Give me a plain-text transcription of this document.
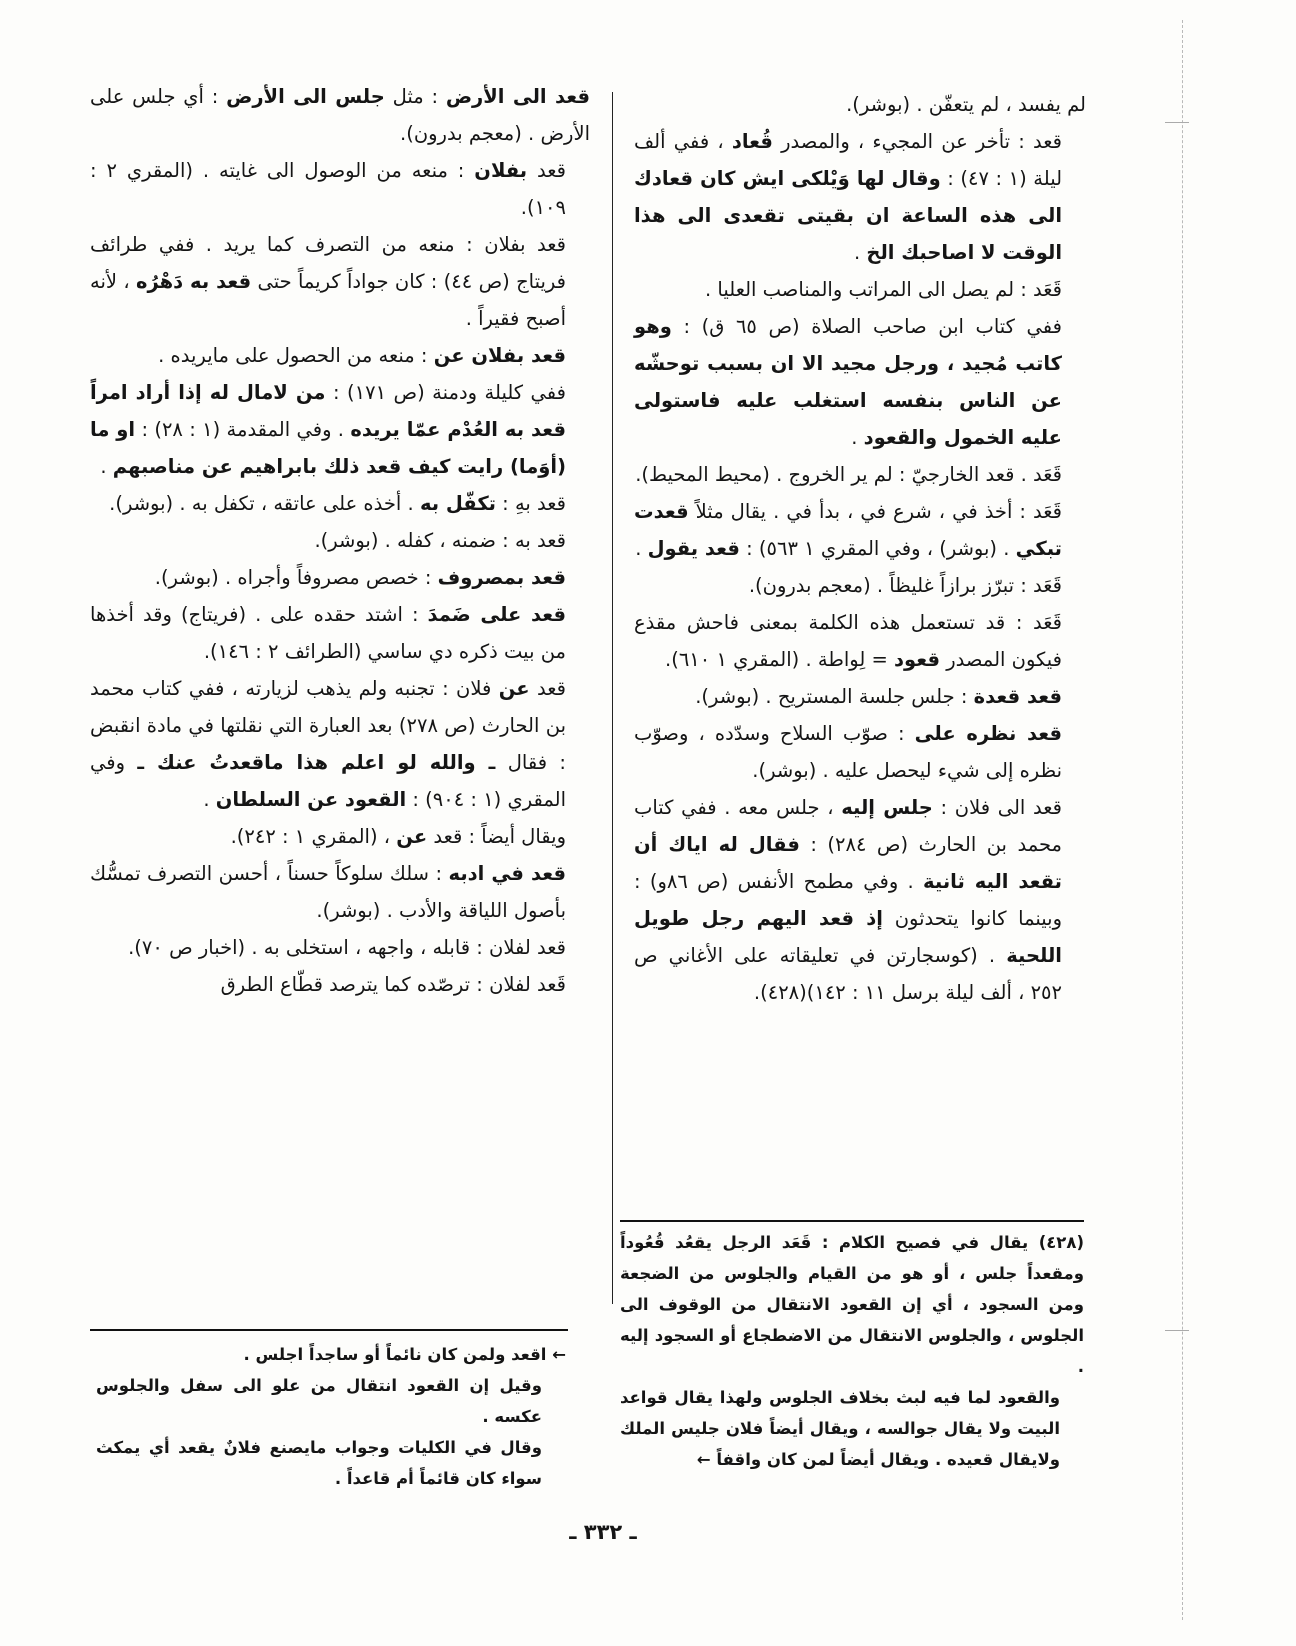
لم يفسد ، لم يتعفّن . (بوشر).

قعد : تأخر عن المجيء ، والمصدر قُعاد ، ففي ألف ليلة (١ : ٤٧) : وقال لها وَيْلكى ايش كان قعادك الى هذه الساعة ان بقيتى تقعدى الى هذا الوقت لا اصاحبك الخ .

قَعَد : لم يصل الى المراتب والمناصب العليا .

ففي كتاب ابن صاحب الصلاة (ص ٦٥ ق) : وهو كاتب مُجيد ، ورجل مجيد الا ان بسبب توحشّه عن الناس بنفسه استغلب عليه فاستولى عليه الخمول والقعود .

قَعَد . قعد الخارجيّ : لم ير الخروج . (محيط المحيط).

قَعَد : أخذ في ، شرع في ، بدأ في . يقال مثلاً قعدت تبكي . (بوشر) ، وفي المقري ١ ٥٦٣) : قعد يقول .

قَعَد : تبرّز برازاً غليظاً . (معجم بدرون).

قَعَد : قد تستعمل هذه الكلمة بمعنى فاحش مقذع فيكون المصدر قعود = لِواطة . (المقري ١ ٦١٠).

قعد قعدة : جلس جلسة المستريح . (بوشر).

قعد نظره على : صوّب السلاح وسدّده ، وصوّب نظره إلى شيء ليحصل عليه . (بوشر).

قعد الى فلان : جلس إليه ، جلس معه . ففي كتاب محمد بن الحارث (ص ٢٨٤) : فقال له اياك أن تقعد اليه ثانية . وفي مطمح الأنفس (ص ٨٦و) : وبينما كانوا يتحدثون إذ قعد اليهم رجل طويل اللحية . (كوسجارتن في تعليقاته على الأغاني ص ٢٥٢ ، ألف ليلة برسل ١١ : ١٤٢)(٤٢٨).

قعد الى الأرض : مثل جلس الى الأرض : أي جلس على الأرض . (معجم بدرون).

قعد بفلان : منعه من الوصول الى غايته . (المقري ٢ : ١٠٩).

قعد بفلان : منعه من التصرف كما يريد . ففي طرائف فريتاج (ص ٤٤) : كان جواداً كريماً حتى قعد به دَهْرُه ، لأنه أصبح فقيراً .

قعد بفلان عن : منعه من الحصول على مايريده .

ففي كليلة ودمنة (ص ١٧١) : من لامال له إذا أراد امراً قعد به العُدْم عمّا يريده . وفي المقدمة (١ : ٢٨) : او ما (أوَما) رايت كيف قعد ذلك بابراهيم عن مناصبهم .

قعد بهِ : تكفّل به . أخذه على عاتقه ، تكفل به . (بوشر).

قعد به : ضمنه ، كفله . (بوشر).

قعد بمصروف : خصص مصروفاً وأجراه . (بوشر).

قعد على ضَمدَ : اشتد حقده على . (فريتاج) وقد أخذها من بيت ذكره دي ساسي (الطرائف ٢ : ١٤٦).

قعد عن فلان : تجنبه ولم يذهب لزيارته ، ففي كتاب محمد بن الحارث (ص ٢٧٨) بعد العبارة التي نقلتها في مادة انقبض : فقال ـ والله لو اعلم هذا ماقعدتُ عنك ـ وفي المقري (١ : ٩٠٤) : القعود عن السلطان .

ويقال أيضاً : قعد عن ، (المقري ١ : ٢٤٢).

قعد في ادبه : سلك سلوكاً حسناً ، أحسن التصرف تمسُّك بأصول اللياقة والأدب . (بوشر).

قعد لفلان : قابله ، واجهه ، استخلى به . (اخبار ص ٧٠).

قَعد لفلان : ترصّده كما يترصد قطّاع الطرق

(٤٢٨) يقال في فصيح الكلام : قَعَد الرجل يقعُد قُعُوداً ومقعداً جلس ، أو هو من القيام والجلوس من الضجعة ومن السجود ، أي إن القعود الانتقال من الوقوف الى الجلوس ، والجلوس الانتقال من الاضطجاع أو السجود إليه .

والقعود لما فيه لبث بخلاف الجلوس ولهذا يقال قواعد البيت ولا يقال جوالسه ، ويقال أيضاً فلان جليس الملك ولايقال قعيده . ويقال أيضاً لمن كان واقفاً ←

← اقعد ولمن كان نائماً أو ساجداً اجلس .

وقيل إن القعود انتقال من علو الى سفل والجلوس عكسه .

وقال في الكليات وجواب مايصنع فلانٌ يقعد أي يمكث سواء كان قائماً أم قاعداً .

ـ ٣٣٢ ـ
